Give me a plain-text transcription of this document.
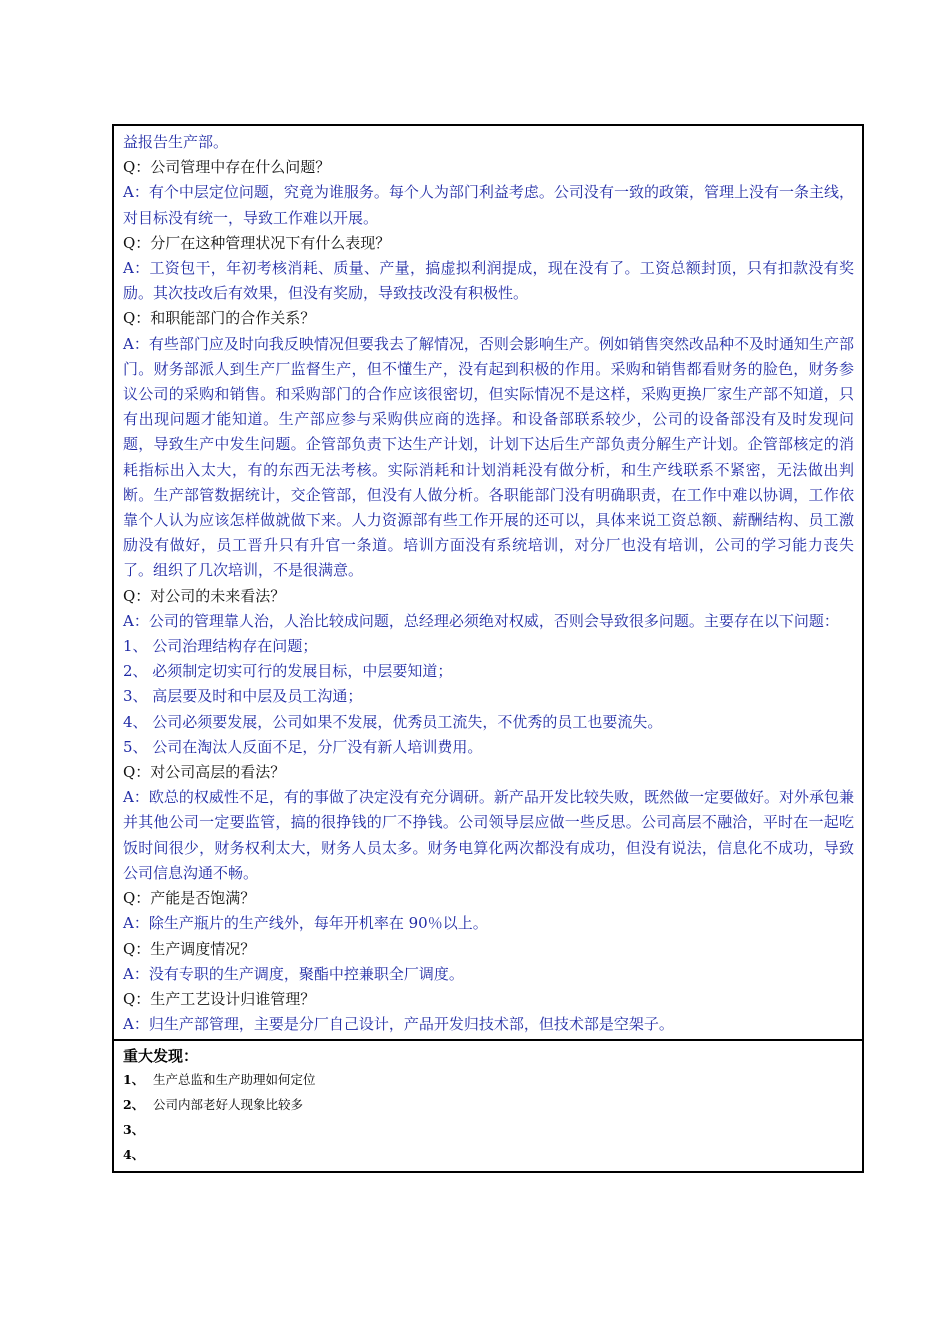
益报告生产部。
Q：公司管理中存在什么问题？
A：有个中层定位问题，究竟为谁服务。每个人为部门利益考虑。公司没有一致的政策，管理上没有一条主线，对目标没有统一，导致工作难以开展。
Q：分厂在这种管理状况下有什么表现？
A：工资包干，年初考核消耗、质量、产量，搞虚拟利润提成，现在没有了。工资总额封顶，只有扣款没有奖励。其次技改后有效果，但没有奖励，导致技改没有积极性。
Q：和职能部门的合作关系？
A：有些部门应及时向我反映情况但要我去了解情况，否则会影响生产。例如销售突然改品种不及时通知生产部门。财务部派人到生产厂监督生产，但不懂生产，没有起到积极的作用。采购和销售都看财务的脸色，财务参议公司的采购和销售。和采购部门的合作应该很密切，但实际情况不是这样，采购更换厂家生产部不知道，只有出现问题才能知道。生产部应参与采购供应商的选择。和设备部联系较少，公司的设备部没有及时发现问题，导致生产中发生问题。企管部负责下达生产计划，计划下达后生产部负责分解生产计划。企管部核定的消耗指标出入太大，有的东西无法考核。实际消耗和计划消耗没有做分析，和生产线联系不紧密，无法做出判断。生产部管数据统计，交企管部，但没有人做分析。各职能部门没有明确职责，在工作中难以协调，工作依靠个人认为应该怎样做就做下来。人力资源部有些工作开展的还可以，具体来说工资总额、薪酬结构、员工激励没有做好，员工晋升只有升官一条道。培训方面没有系统培训，对分厂也没有培训，公司的学习能力丧失了。组织了几次培训，不是很满意。
Q：对公司的未来看法？
A：公司的管理靠人治，人治比较成问题，总经理必须绝对权威，否则会导致很多问题。主要存在以下问题：
1、 公司治理结构存在问题；
2、 必须制定切实可行的发展目标，中层要知道；
3、 高层要及时和中层及员工沟通；
4、 公司必须要发展，公司如果不发展，优秀员工流失，不优秀的员工也要流失。
5、 公司在淘汰人反面不足，分厂没有新人培训费用。
Q：对公司高层的看法？
A：欧总的权威性不足，有的事做了决定没有充分调研。新产品开发比较失败，既然做一定要做好。对外承包兼并其他公司一定要监管，搞的很挣钱的厂不挣钱。公司领导层应做一些反思。公司高层不融洽，平时在一起吃饭时间很少，财务权利太大，财务人员太多。财务电算化两次都没有成功，但没有说法，信息化不成功，导致公司信息沟通不畅。
Q：产能是否饱满？
A：除生产瓶片的生产线外，每年开机率在 90％以上。
Q：生产调度情况？
A：没有专职的生产调度，聚酯中控兼职全厂调度。
Q：生产工艺设计归谁管理？
A：归生产部管理，主要是分厂自己设计，产品开发归技术部，但技术部是空架子。
重大发现：
1、 生产总监和生产助理如何定位
2、 公司内部老好人现象比较多
3、
4、
